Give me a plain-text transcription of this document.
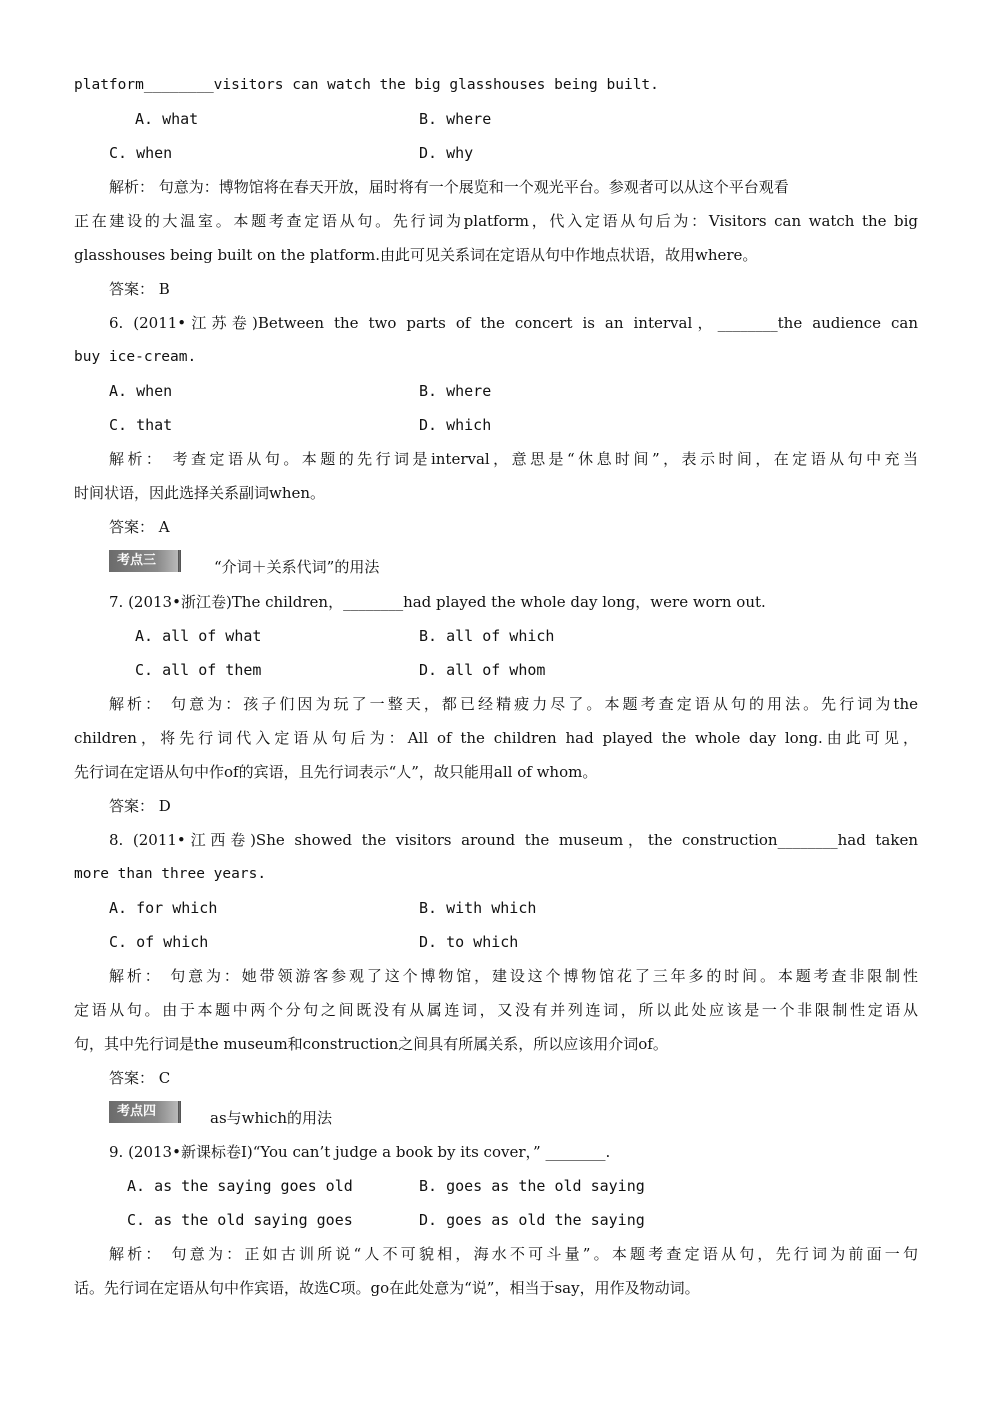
platform________visitors can watch the big glasshouses being built.
A. what	B. where
C. when	D. why
解析： 句意为：博物馆将在春天开放，届时将有一个展览和一个观光平台。参观者可以从这个平台观看
正在建设的大温室。本题考查定语从句。先行词为platform，代入定语从句后为：Visitors can watch the big
glasshouses being built on the platform.由此可见关系词在定语从句中作地点状语，故用where。
答案： B
6. (2011•江苏卷)Between the two parts of the concert is an interval，________the audience can
buy ice-cream.
A. when	B. where
C. that	D. which
解析： 考查定语从句。本题的先行词是interval，意思是“休息时间”，表示时间，在定语从句中充当
时间状语，因此选择关系副词when。
答案： A
考点三	“介词＋关系代词”的用法
7. (2013•浙江卷)The children，________had played the whole day long，were worn out.
A. all of what	B. all of which
C. all of them	D. all of whom
解析： 句意为：孩子们因为玩了一整天，都已经精疲力尽了。本题考查定语从句的用法。先行词为the
children，将先行词代入定语从句后为：All of the children had played the whole day long.由此可见，
先行词在定语从句中作of的宾语，且先行词表示“人”，故只能用all of whom。
答案： D
8. (2011•江西卷)She showed the visitors around the museum，the construction________had taken
more than three years.
A. for which	B. with which
C. of which	D. to which
解析： 句意为：她带领游客参观了这个博物馆，建设这个博物馆花了三年多的时间。本题考查非限制性
定语从句。由于本题中两个分句之间既没有从属连词，又没有并列连词，所以此处应该是一个非限制性定语从
句，其中先行词是the museum和construction之间具有所属关系，所以应该用介词of。
答案： C
考点四	as与which的用法
9. (2013•新课标卷Ⅰ)“You can’t judge a book by its cover，” ________.
A. as the saying goes old	B. goes as the old saying
C. as the old saying goes	D. goes as old the saying
解析： 句意为：正如古训所说“人不可貌相，海水不可斗量”。本题考查定语从句，先行词为前面一句
话。先行词在定语从句中作宾语，故选C项。go在此处意为“说”，相当于say，用作及物动词。
